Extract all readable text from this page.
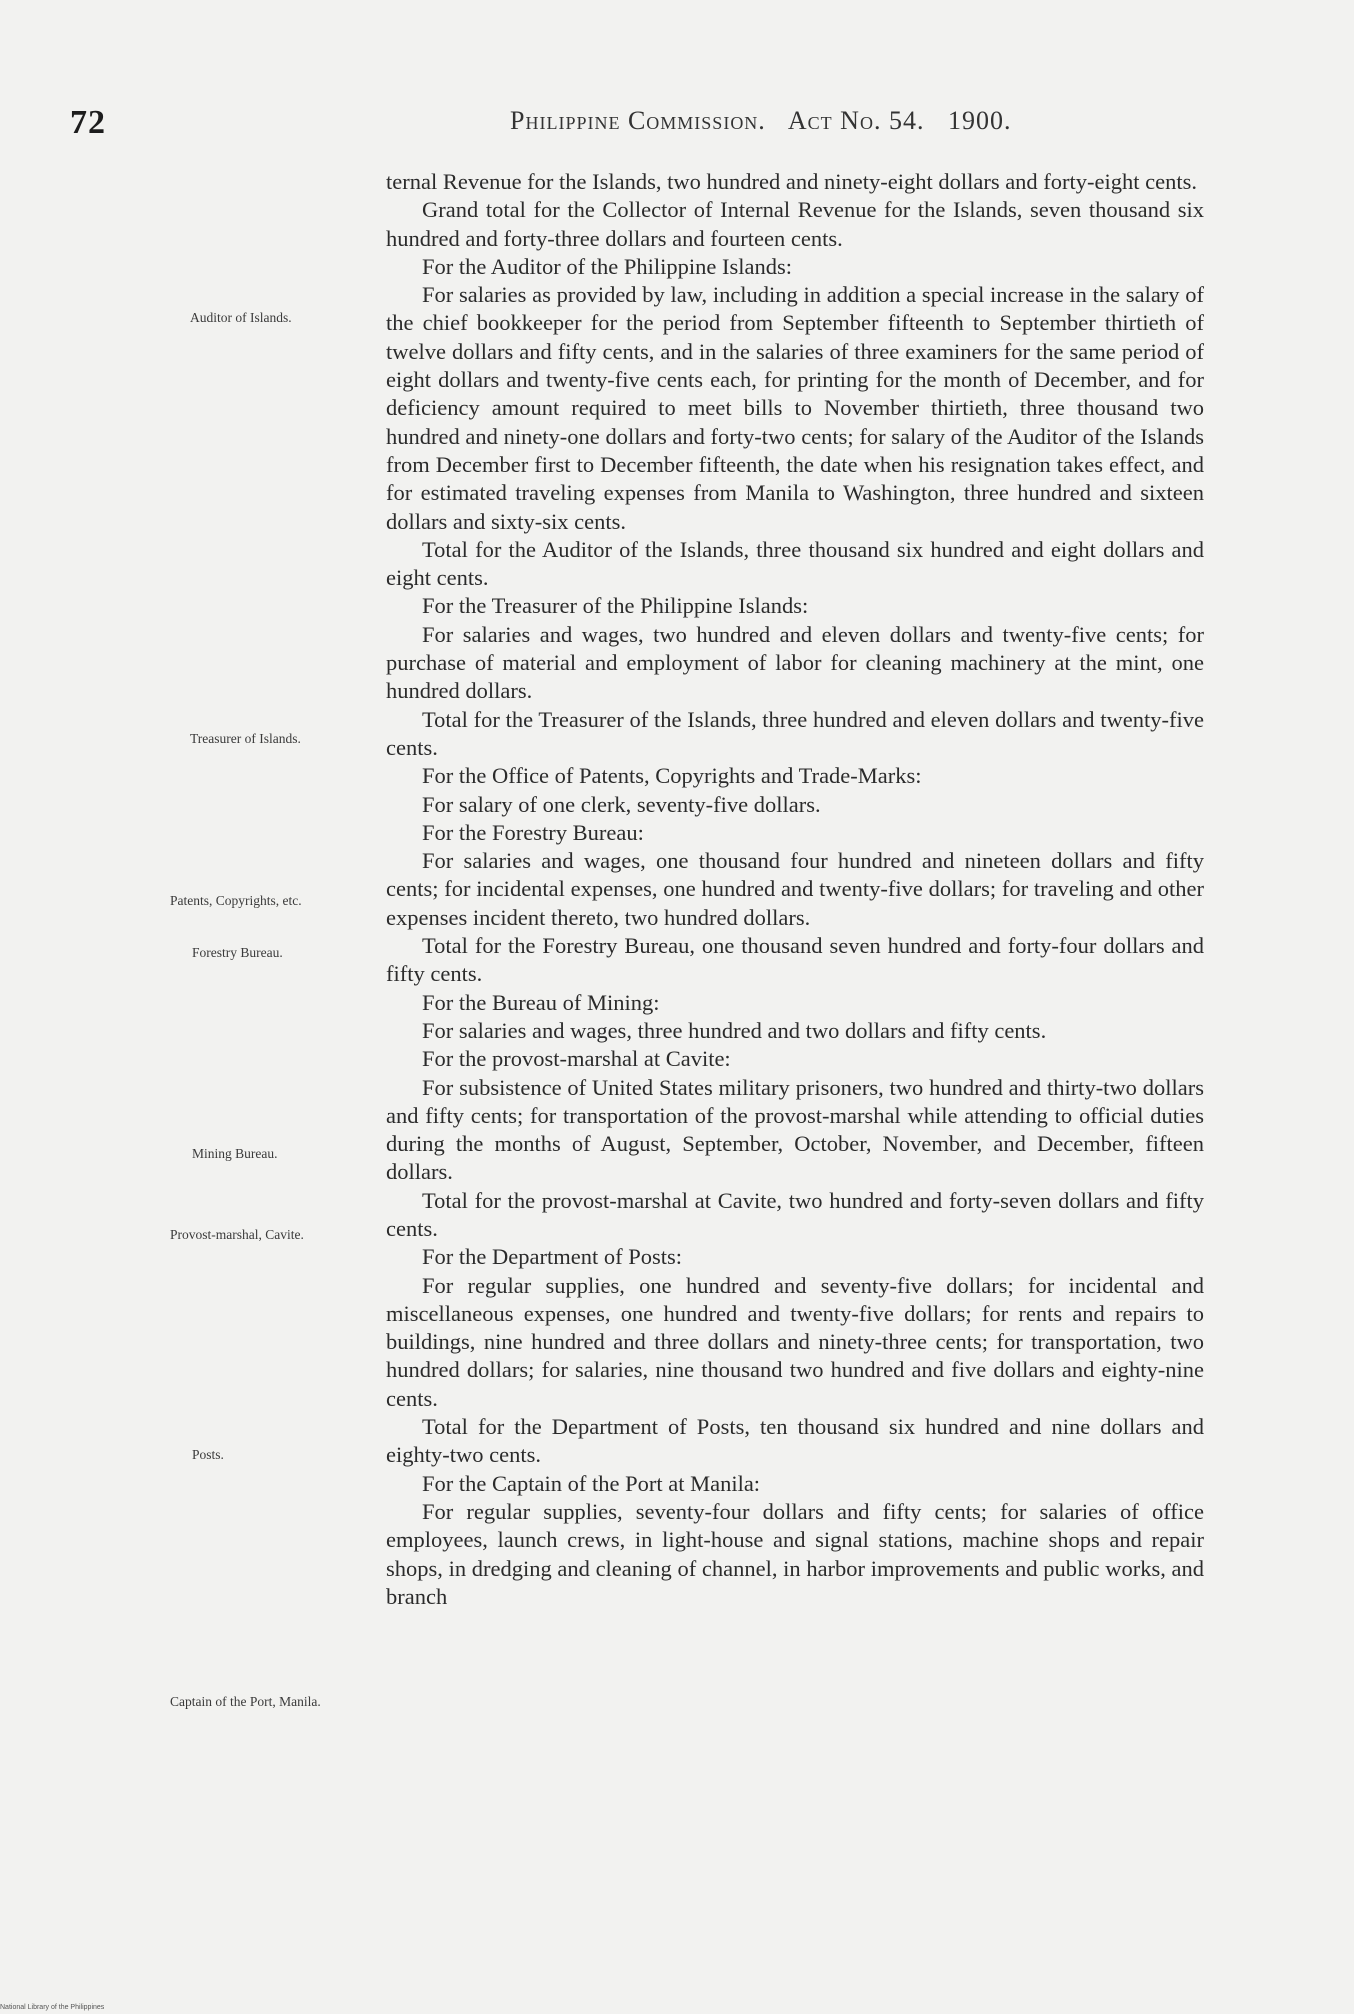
72	Philippine Commission. Act No. 54. 1900.
Auditor of Islands.
Treasurer of Islands.
Patents, Copyrights, etc.
Forestry Bureau.
Mining Bureau.
Provost-marshal, Cavite.
Posts.
Captain of the Port, Manila.

ternal Revenue for the Islands, two hundred and ninety-eight dollars and forty-eight cents.

Grand total for the Collector of Internal Revenue for the Islands, seven thousand six hundred and forty-three dollars and fourteen cents.

For the Auditor of the Philippine Islands:

For salaries as provided by law, including in addition a special increase in the salary of the chief bookkeeper for the period from September fifteenth to September thirtieth of twelve dollars and fifty cents, and in the salaries of three examiners for the same period of eight dollars and twenty-five cents each, for printing for the month of December, and for deficiency amount required to meet bills to November thirtieth, three thousand two hundred and ninety-one dollars and forty-two cents; for salary of the Auditor of the Islands from December first to December fifteenth, the date when his resignation takes effect, and for estimated traveling expenses from Manila to Washington, three hundred and sixteen dollars and sixty-six cents.

Total for the Auditor of the Islands, three thousand six hundred and eight dollars and eight cents.

For the Treasurer of the Philippine Islands:

For salaries and wages, two hundred and eleven dollars and twenty-five cents; for purchase of material and employment of labor for cleaning machinery at the mint, one hundred dollars.

Total for the Treasurer of the Islands, three hundred and eleven dollars and twenty-five cents.

For the Office of Patents, Copyrights and Trade-Marks:

For salary of one clerk, seventy-five dollars.

For the Forestry Bureau:

For salaries and wages, one thousand four hundred and nineteen dollars and fifty cents; for incidental expenses, one hundred and twenty-five dollars; for traveling and other expenses incident thereto, two hundred dollars.

Total for the Forestry Bureau, one thousand seven hundred and forty-four dollars and fifty cents.

For the Bureau of Mining:

For salaries and wages, three hundred and two dollars and fifty cents.

For the provost-marshal at Cavite:

For subsistence of United States military prisoners, two hundred and thirty-two dollars and fifty cents; for transportation of the provost-marshal while attending to official duties during the months of August, September, October, November, and December, fifteen dollars.

Total for the provost-marshal at Cavite, two hundred and forty-seven dollars and fifty cents.

For the Department of Posts:

For regular supplies, one hundred and seventy-five dollars; for incidental and miscellaneous expenses, one hundred and twenty-five dollars; for rents and repairs to buildings, nine hundred and three dollars and ninety-three cents; for transportation, two hundred dollars; for salaries, nine thousand two hundred and five dollars and eighty-nine cents.

Total for the Department of Posts, ten thousand six hundred and nine dollars and eighty-two cents.

For the Captain of the Port at Manila:

For regular supplies, seventy-four dollars and fifty cents; for salaries of office employees, launch crews, in light-house and signal stations, machine shops and repair shops, in dredging and cleaning of channel, in harbor improvements and public works, and branch

National Library of the Philippines
